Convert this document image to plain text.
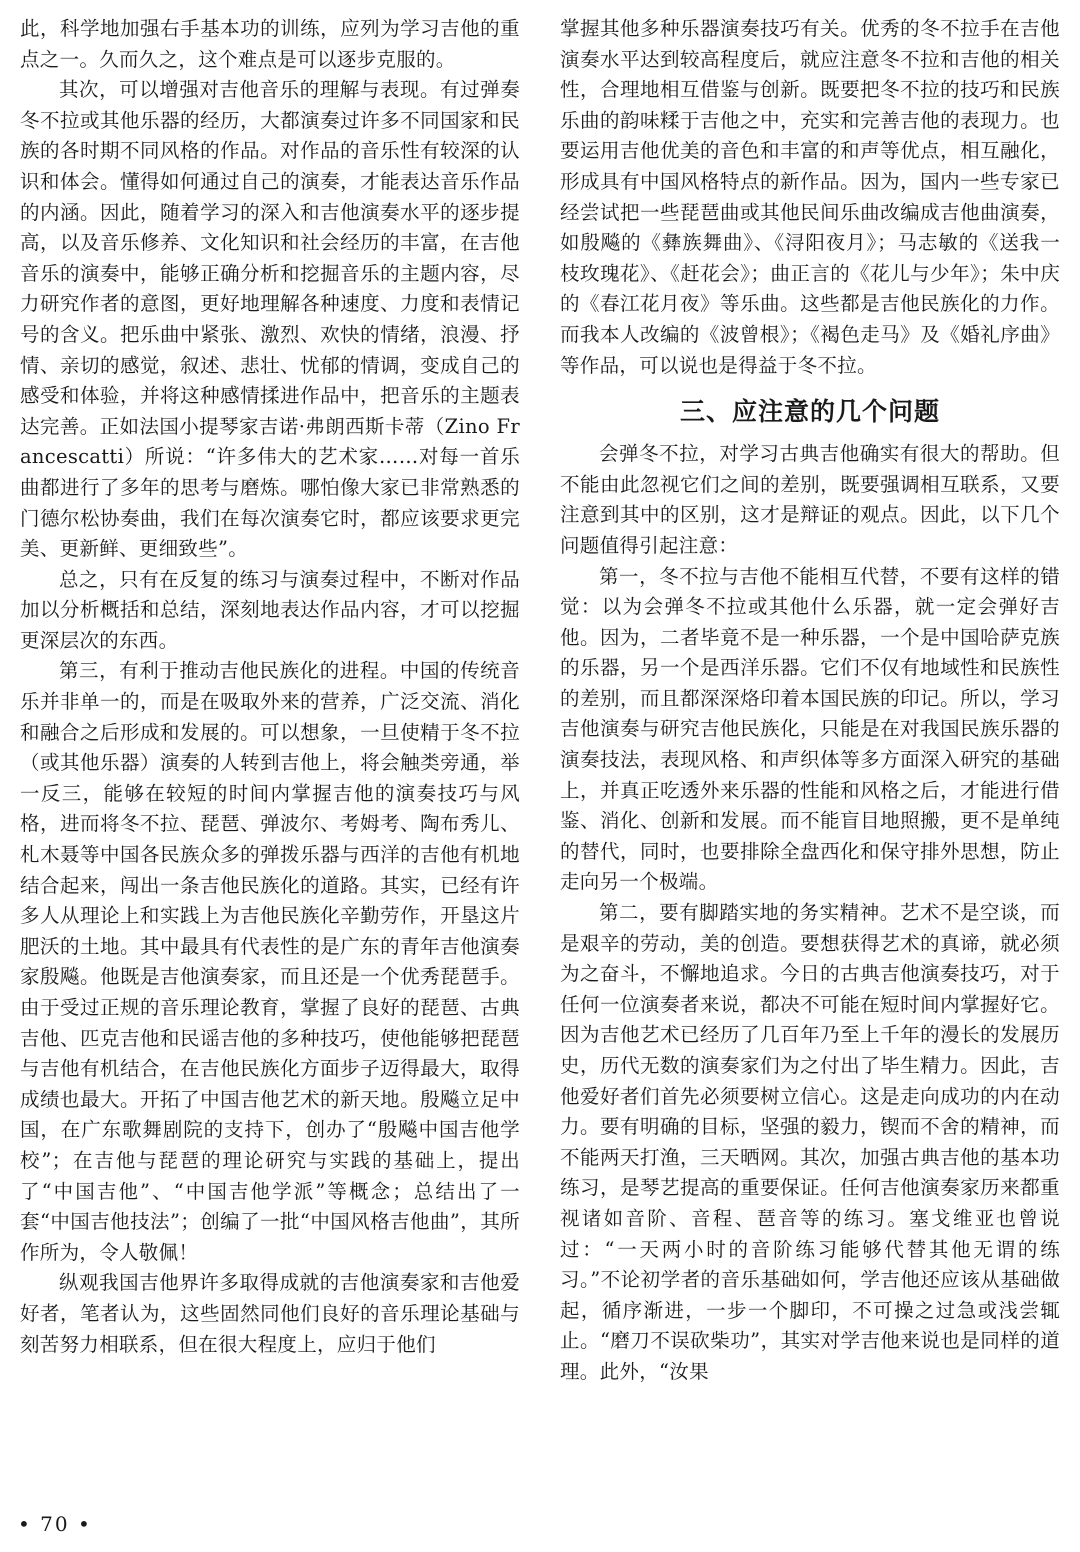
此，科学地加强右手基本功的训练，应列为学习吉他的重点之一。久而久之，这个难点是可以逐步克服的。

其次，可以增强对吉他音乐的理解与表现。有过弹奏冬不拉或其他乐器的经历，大都演奏过许多不同国家和民族的各时期不同风格的作品。对作品的音乐性有较深的认识和体会。懂得如何通过自己的演奏，才能表达音乐作品的内涵。因此，随着学习的深入和吉他演奏水平的逐步提高，以及音乐修养、文化知识和社会经历的丰富，在吉他音乐的演奏中，能够正确分析和挖掘音乐的主题内容，尽力研究作者的意图，更好地理解各种速度、力度和表情记号的含义。把乐曲中紧张、激烈、欢快的情绪，浪漫、抒情、亲切的感觉，叙述、悲壮、忧郁的情调，变成自己的感受和体验，并将这种感情揉进作品中，把音乐的主题表达完善。正如法国小提琴家吉诺·弗朗西斯卡蒂（Zino Francescatti）所说：“许多伟大的艺术家……对每一首乐曲都进行了多年的思考与磨炼。哪怕像大家已非常熟悉的门德尔松协奏曲，我们在每次演奏它时，都应该要求更完美、更新鲜、更细致些”。

总之，只有在反复的练习与演奏过程中，不断对作品加以分析概括和总结，深刻地表达作品内容，才可以挖掘更深层次的东西。

第三，有利于推动吉他民族化的进程。中国的传统音乐并非单一的，而是在吸取外来的营养，广泛交流、消化和融合之后形成和发展的。可以想象，一旦使精于冬不拉（或其他乐器）演奏的人转到吉他上，将会触类旁通，举一反三，能够在较短的时间内掌握吉他的演奏技巧与风格，进而将冬不拉、琵琶、弹波尔、考姆考、陶布秀儿、札木聂等中国各民族众多的弹拨乐器与西洋的吉他有机地结合起来，闯出一条吉他民族化的道路。其实，已经有许多人从理论上和实践上为吉他民族化辛勤劳作，开垦这片肥沃的土地。其中最具有代表性的是广东的青年吉他演奏家殷飚。他既是吉他演奏家，而且还是一个优秀琵琶手。由于受过正规的音乐理论教育，掌握了良好的琵琶、古典吉他、匹克吉他和民谣吉他的多种技巧，使他能够把琵琶与吉他有机结合，在吉他民族化方面步子迈得最大，取得成绩也最大。开拓了中国吉他艺术的新天地。殷飚立足中国，在广东歌舞剧院的支持下，创办了“殷飚中国吉他学校”；在吉他与琵琶的理论研究与实践的基础上，提出了“中国吉他”、“中国吉他学派”等概念；总结出了一套“中国吉他技法”；创编了一批“中国风格吉他曲”，其所作所为，令人敬佩！

纵观我国吉他界许多取得成就的吉他演奏家和吉他爱好者，笔者认为，这些固然同他们良好的音乐理论基础与刻苦努力相联系，但在很大程度上，应归于他们

掌握其他多种乐器演奏技巧有关。优秀的冬不拉手在吉他演奏水平达到较高程度后，就应注意冬不拉和吉他的相关性，合理地相互借鉴与创新。既要把冬不拉的技巧和民族乐曲的韵味糅于吉他之中，充实和完善吉他的表现力。也要运用吉他优美的音色和丰富的和声等优点，相互融化，形成具有中国风格特点的新作品。因为，国内一些专家已经尝试把一些琵琶曲或其他民间乐曲改编成吉他曲演奏，如殷飚的《彝族舞曲》、《浔阳夜月》；马志敏的《送我一枝玫瑰花》、《赶花会》；曲正言的《花儿与少年》；朱中庆的《春江花月夜》等乐曲。这些都是吉他民族化的力作。而我本人改编的《波曾根》；《褐色走马》及《婚礼序曲》等作品，可以说也是得益于冬不拉。

三、应注意的几个问题

会弹冬不拉，对学习古典吉他确实有很大的帮助。但不能由此忽视它们之间的差别，既要强调相互联系，又要注意到其中的区别，这才是辩证的观点。因此，以下几个问题值得引起注意：

第一，冬不拉与吉他不能相互代替，不要有这样的错觉：以为会弹冬不拉或其他什么乐器，就一定会弹好吉他。因为，二者毕竟不是一种乐器，一个是中国哈萨克族的乐器，另一个是西洋乐器。它们不仅有地域性和民族性的差别，而且都深深烙印着本国民族的印记。所以，学习吉他演奏与研究吉他民族化，只能是在对我国民族乐器的演奏技法，表现风格、和声织体等多方面深入研究的基础上，并真正吃透外来乐器的性能和风格之后，才能进行借鉴、消化、创新和发展。而不能盲目地照搬，更不是单纯的替代，同时，也要排除全盘西化和保守排外思想，防止走向另一个极端。

第二，要有脚踏实地的务实精神。艺术不是空谈，而是艰辛的劳动，美的创造。要想获得艺术的真谛，就必须为之奋斗，不懈地追求。今日的古典吉他演奏技巧，对于任何一位演奏者来说，都决不可能在短时间内掌握好它。因为吉他艺术已经历了几百年乃至上千年的漫长的发展历史，历代无数的演奏家们为之付出了毕生精力。因此，吉他爱好者们首先必须要树立信心。这是走向成功的内在动力。要有明确的目标，坚强的毅力，锲而不舍的精神，而不能两天打渔，三天晒网。其次，加强古典吉他的基本功练习，是琴艺提高的重要保证。任何吉他演奏家历来都重视诸如音阶、音程、琶音等的练习。塞戈维亚也曾说过：“一天两小时的音阶练习能够代替其他无谓的练习。”不论初学者的音乐基础如何，学吉他还应该从基础做起，循序渐进，一步一个脚印，不可操之过急或浅尝辄止。“磨刀不误砍柴功”，其实对学吉他来说也是同样的道理。此外，“汝果

• 70 •
